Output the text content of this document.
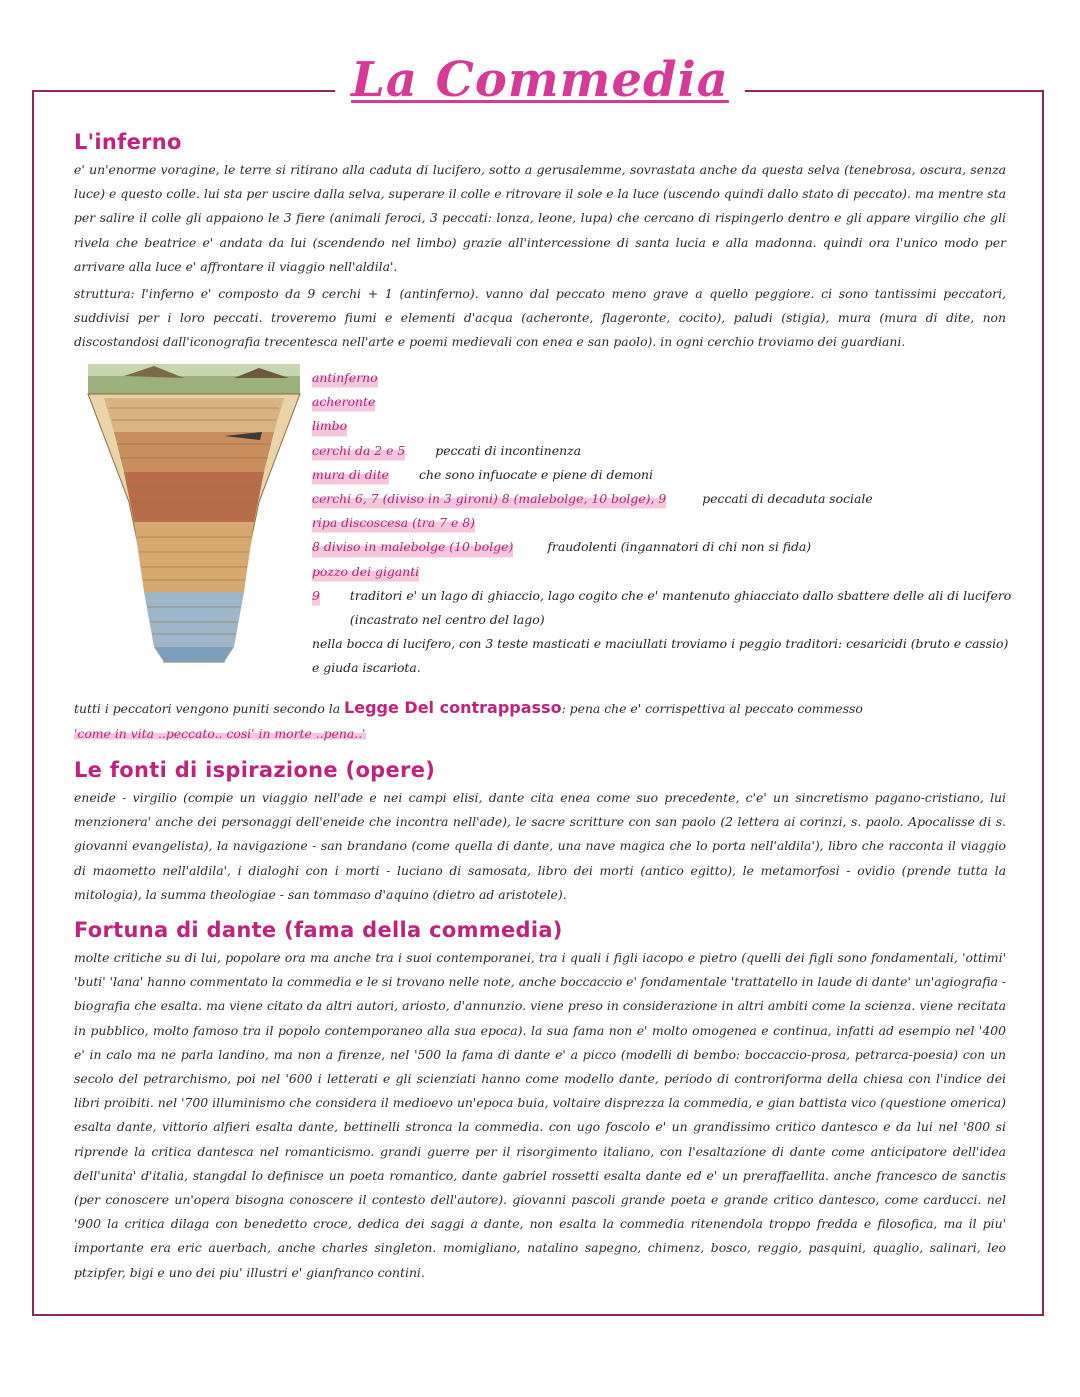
La Commedia
L'inferno
e' un'enorme voragine, le terre si ritirano alla caduta di lucifero, sotto a gerusalemme, sovrastata anche da questa selva (tenebrosa, oscura, senza luce) e questo colle. lui sta per uscire dalla selva, superare il colle e ritrovare il sole e la luce (uscendo quindi dallo stato di peccato). ma mentre sta per salire il colle gli appaiono le 3 fiere (animali feroci, 3 peccati: lonza, leone, lupa) che cercano di rispingerlo dentro e gli appare virgilio che gli rivela che beatrice e' andata da lui (scendendo nel limbo) grazie all'intercessione di santa lucia e alla madonna. quindi ora l'unico modo per arrivare alla luce e' affrontare il viaggio nell'aldila'.
struttura: l'inferno e' composto da 9 cerchi + 1 (antinferno). vanno dal peccato meno grave a quello peggiore. ci sono tantissimi peccatori, suddivisi per i loro peccati. troveremo fiumi e elementi d'acqua (acheronte, flageronte, cocito), paludi (stigia), mura (mura di dite, non discostandosi dall'iconografia trecentesca nell'arte e poemi medievali con enea e san paolo). in ogni cerchio troviamo dei guardiani.
antinferno
acheronte
limbo
cerchi da 2 e 5 peccati di incontinenza
mura di dite che sono infuocate e piene di demoni
cerchi 6, 7 (diviso in 3 gironi) 8 (malebolge, 10 bolge), 9	peccati di decaduta sociale
ripa discoscesa (tra 7 e 8)
8 diviso in malebolge (10 bolge)	fraudolenti (ingannatori di chi non si fida)
pozzo dei giganti
9 traditori e' un lago di ghiaccio, lago cogito che e' mantenuto ghiacciato dallo sbattere delle ali di lucifero (incastrato nel centro del lago)
nella bocca di lucifero, con 3 teste masticati e maciullati troviamo i peggio traditori: cesaricidi (bruto e cassio) e giuda iscariota.
tutti i peccatori vengono puniti secondo la Legge Del contrappasso: pena che e' corrispettiva al peccato commesso
'come in vita ..peccato.. cosi' in morte ..pena..'
Le fonti di ispirazione (opere)
eneide - virgilio (compie un viaggio nell'ade e nei campi elisi, dante cita enea come suo precedente, c'e' un sincretismo pagano-cristiano, lui menzionera' anche dei personaggi dell'eneide che incontra nell'ade), le sacre scritture con san paolo (2 lettera ai corinzi, s. paolo. Apocalisse di s. giovanni evangelista), la navigazione - san brandano (come quella di dante, una nave magica che lo porta nell'aldila'), libro che racconta il viaggio di maometto nell'aldila', i dialoghi con i morti - luciano di samosata, libro dei morti (antico egitto), le metamorfosi - ovidio (prende tutta la mitologia), la summa theologiae - san tommaso d'aquino (dietro ad aristotele).
Fortuna di dante (fama della commedia)
molte critiche su di lui, popolare ora ma anche tra i suoi contemporanei, tra i quali i figli iacopo e pietro (quelli dei figli sono fondamentali, 'ottimi' 'buti' 'lana' hanno commentato la commedia e le si trovano nelle note, anche boccaccio e' fondamentale 'trattatello in laude di dante' un'agiografia - biografia che esalta. ma viene citato da altri autori, ariosto, d'annunzio. viene preso in considerazione in altri ambiti come la scienza. viene recitata in pubblico, molto famoso tra il popolo contemporaneo alla sua epoca). la sua fama non e' molto omogenea e continua, infatti ad esempio nel '400 e' in calo ma ne parla landino, ma non a firenze, nel '500 la fama di dante e' a picco (modelli di bembo: boccaccio-prosa, petrarca-poesia) con un secolo del petrarchismo, poi nel '600 i letterati e gli scienziati hanno come modello dante, periodo di controriforma della chiesa con l'indice dei libri proibiti. nel '700 illuminismo che considera il medioevo un'epoca buia, voltaire disprezza la commedia, e gian battista vico (questione omerica) esalta dante, vittorio alfieri esalta dante, bettinelli stronca la commedia. con ugo foscolo e' un grandissimo critico dantesco e da lui nel '800 si riprende la critica dantesca nel romanticismo. grandi guerre per il risorgimento italiano, con l'esaltazione di dante come anticipatore dell'idea dell'unita' d'italia, stangdal lo definisce un poeta romantico, dante gabriel rossetti esalta dante ed e' un preraffaellita. anche francesco de sanctis (per conoscere un'opera bisogna conoscere il contesto dell'autore). giovanni pascoli grande poeta e grande critico dantesco, come carducci. nel '900 la critica dilaga con benedetto croce, dedica dei saggi a dante, non esalta la commedia ritenendola troppo fredda e filosofica, ma il piu' importante era eric auerbach, anche charles singleton. momigliano, natalino sapegno, chimenz, bosco, reggio, pasquini, quaglio, salinari, leo ptzipfer, bigi e uno dei piu' illustri e' gianfranco contini.
